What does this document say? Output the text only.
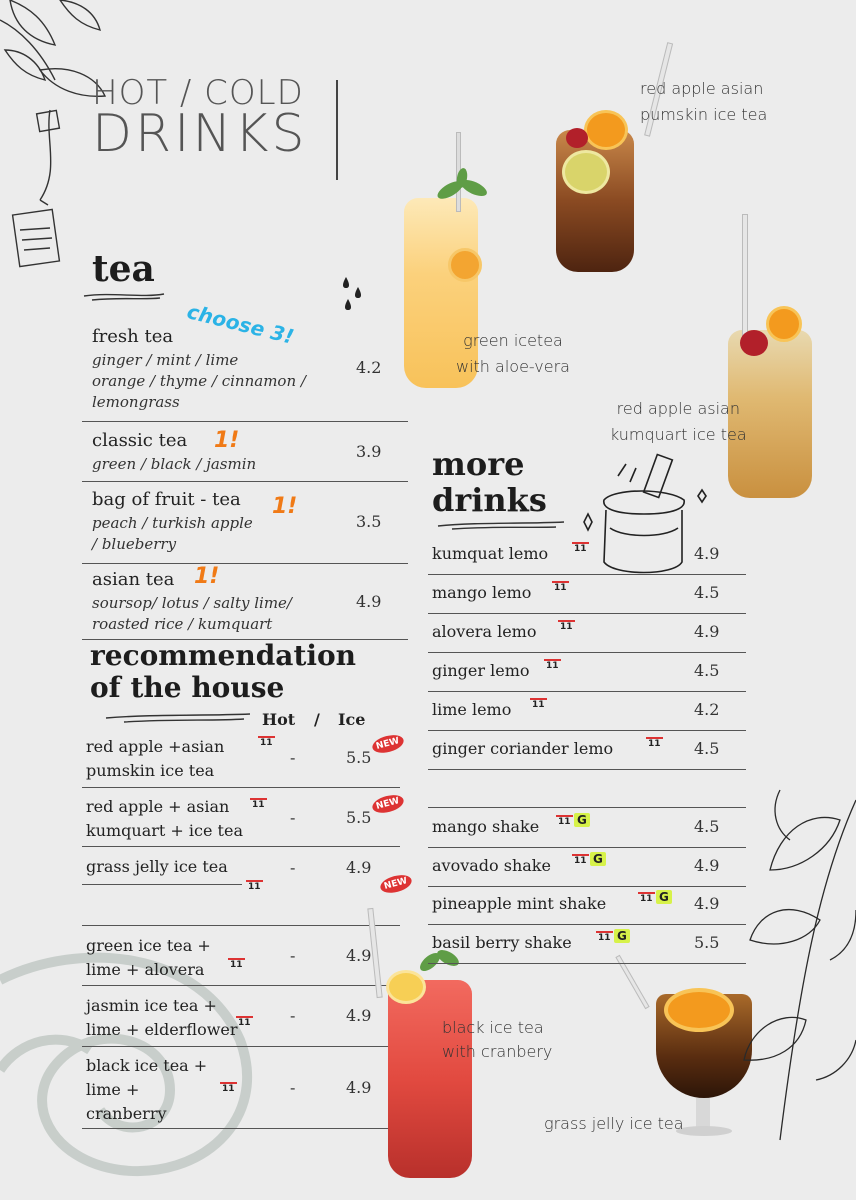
HOT / COLD
DRINKS
tea
choose 3!
fresh tea
ginger / mint / lime
orange / thyme / cinnamon /
lemongrass
4.2
classic tea 1!
green / black / jasmin
3.9
bag of fruit - tea 1!
peach / turkish apple
/ blueberry
3.5
asian tea 1!
soursop/ lotus / salty lime/
roasted rice / kumquart
4.9
recommendation
of the house
Hot / Ice
red apple +asian
pumskin ice tea
11
-	5.5
NEW
red apple + asian
kumquart + ice tea
11
-	5.5
NEW
grass jelly ice tea
11
-	4.9
NEW
green ice tea +
lime + alovera	11	-	4.9
jasmin ice tea +
lime + elderflower 11 -	4.9
black ice tea +
lime +
cranberry
11	-	4.9
red apple asian
pumskin ice tea
green icetea
with aloe-vera
red apple asian
kumquart ice tea
black ice tea
with cranbery
grass jelly ice tea
more
drinks
kumquat lemo	11	4.9
mango lemo	11	4.5
alovera lemo	11	4.9
ginger lemo 11	4.5
lime lemo 11	4.2
ginger coriander lemo	11 4.5
mango shake 11 G	4.5
avovado shake	11 G	4.9
pineapple mint shake	11 G 4.9
basil berry shake	11 G	5.5
